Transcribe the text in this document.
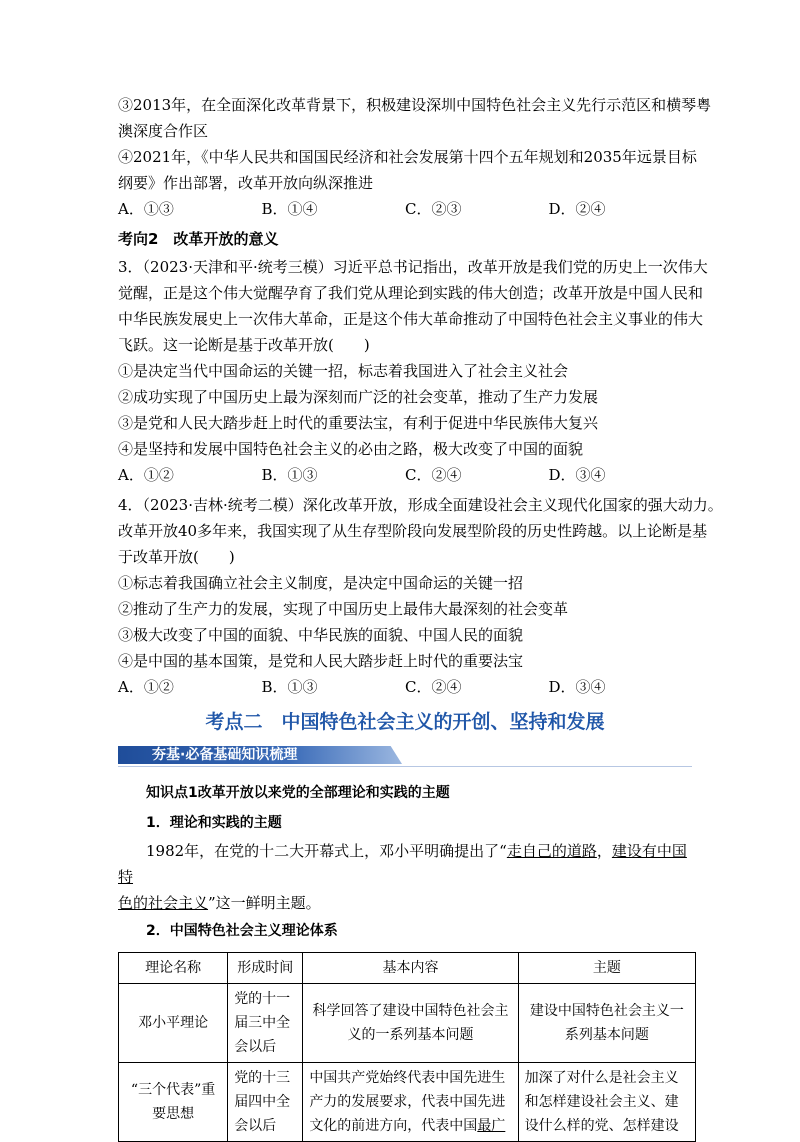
③2013年，在全面深化改革背景下，积极建设深圳中国特色社会主义先行示范区和横琴粤

澳深度合作区

④2021年，《中华人民共和国国民经济和社会发展第十四个五年规划和2035年远景目标

纲要》作出部署，改革开放向纵深推进

A．①③	B．①④	C．②③	D．②④

考向2　改革开放的意义

3．（2023·天津和平·统考三模）习近平总书记指出，改革开放是我们党的历史上一次伟大

觉醒，正是这个伟大觉醒孕育了我们党从理论到实践的伟大创造；改革开放是中国人民和

中华民族发展史上一次伟大革命，正是这个伟大革命推动了中国特色社会主义事业的伟大

飞跃。这一论断是基于改革开放(　　)

①是决定当代中国命运的关键一招，标志着我国进入了社会主义社会

②成功实现了中国历史上最为深刻而广泛的社会变革，推动了生产力发展

③是党和人民大踏步赶上时代的重要法宝，有利于促进中华民族伟大复兴

④是坚持和发展中国特色社会主义的必由之路，极大改变了中国的面貌

A．①②	B．①③	C．②④	D．③④

4．（2023·吉林·统考二模）深化改革开放，形成全面建设社会主义现代化国家的强大动力。

改革开放40多年来，我国实现了从生存型阶段向发展型阶段的历史性跨越。以上论断是基

于改革开放(　　)

①标志着我国确立社会主义制度，是决定中国命运的关键一招

②推动了生产力的发展，实现了中国历史上最伟大最深刻的社会变革

③极大改变了中国的面貌、中华民族的面貌、中国人民的面貌

④是中国的基本国策，是党和人民大踏步赶上时代的重要法宝

A．①②	B．①③	C．②④	D．③④
考点二　中国特色社会主义的开创、坚持和发展
夯基·必备基础知识梳理
知识点1改革开放以来党的全部理论和实践的主题
1．理论和实践的主题

1982年，在党的十二大开幕式上，邓小平明确提出了“走自己的道路，建设有中国特
色的社会主义”这一鲜明主题。

2．中国特色社会主义理论体系
理论名称	形成时间	基本内容	主题
邓小平理论	党的十一届三中全会以后	科学回答了建设中国特色社会主义的一系列基本问题	建设中国特色社会主义一系列基本问题
“三个代表”重要思想	党的十三届四中全会以后	中国共产党始终代表中国先进生产力的发展要求，代表中国先进文化的前进方向，代表中国最广	加深了对什么是社会主义和怎样建设社会主义、建设什么样的党、怎样建设
